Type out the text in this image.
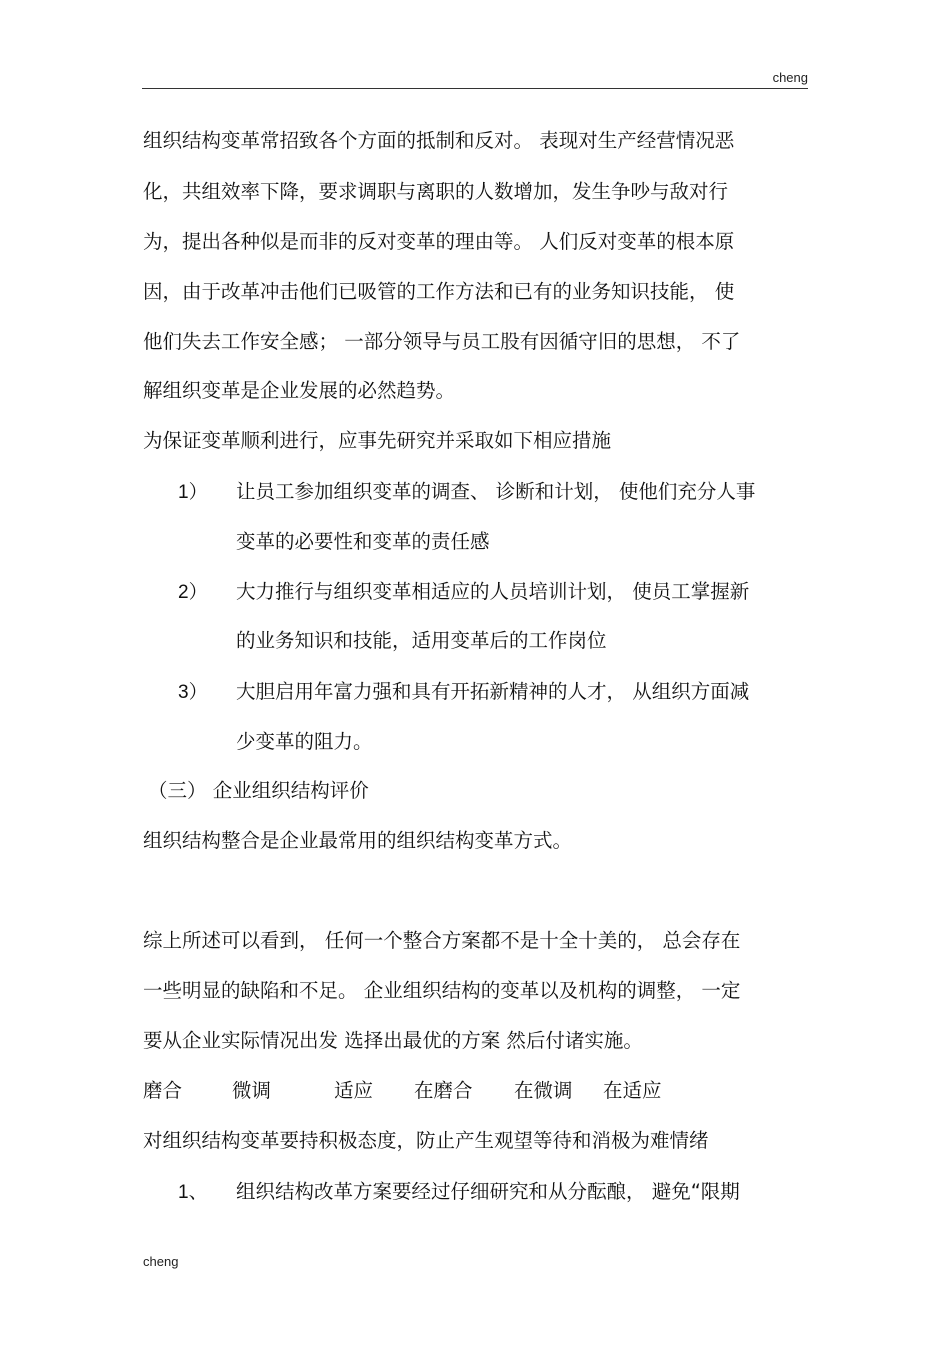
cheng
组织结构变革常招致各个方面的抵制和反对。 表现对生产经营情况恶
化，共组效率下降，要求调职与离职的人数增加，发生争吵与敌对行
为，提出各种似是而非的反对变革的理由等。 人们反对变革的根本原
因，由于改革冲击他们已吸管的工作方法和已有的业务知识技能， 使
他们失去工作安全感； 一部分领导与员工股有因循守旧的思想， 不了
解组织变革是企业发展的必然趋势。
为保证变革顺利进行，应事先研究并采取如下相应措施
1） 让员工参加组织变革的调查、 诊断和计划， 使他们充分人事
变革的必要性和变革的责任感
2） 大力推行与组织变革相适应的人员培训计划， 使员工掌握新
的业务知识和技能，适用变革后的工作岗位
3） 大胆启用年富力强和具有开拓新精神的人才， 从组织方面减
少变革的阻力。
（三） 企业组织结构评价
组织结构整合是企业最常用的组织结构变革方式。
综上所述可以看到， 任何一个整合方案都不是十全十美的， 总会存在
一些明显的缺陷和不足。 企业组织结构的变革以及机构的调整， 一定
要从企业实际情况出发 选择出最优的方案 然后付诸实施。
磨合	微调	适应 在磨合 在微调 在适应
对组织结构变革要持积极态度，防止产生观望等待和消极为难情绪
1、 组织结构改革方案要经过仔细研究和从分酝酿， 避免“限期
cheng
